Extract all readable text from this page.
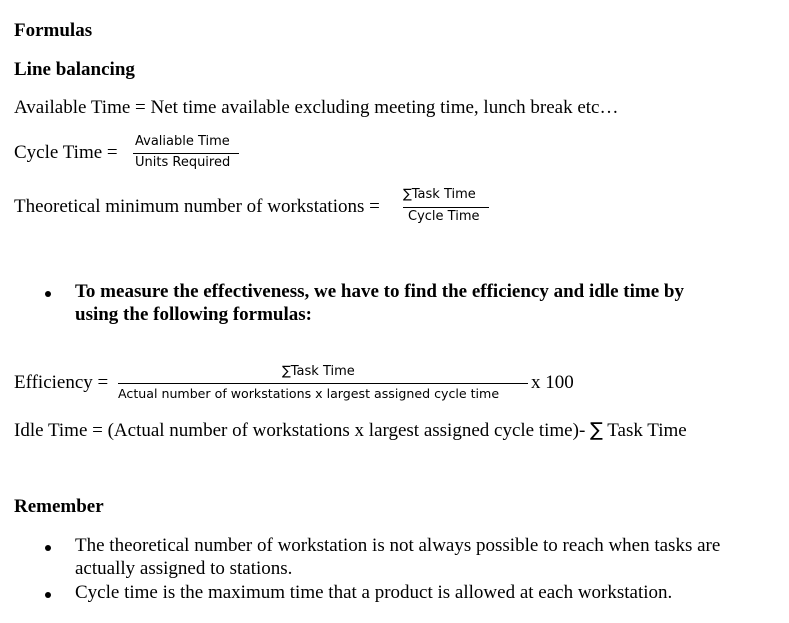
Formulas
Line balancing
Available Time = Net time available excluding meeting time, lunch break etc…
Cycle Time =
Avaliable Time
Units Required
Theoretical minimum number of workstations =
∑Task Time
Cycle Time
To measure the effectiveness, we have to find the efficiency and idle time by
using the following formulas:
Efficiency =
∑Task Time
Actual number of workstations x largest assigned cycle time
x 100
Idle Time = (Actual number of workstations x largest assigned cycle time)- ∑ Task Time
Remember
The theoretical number of workstation is not always possible to reach when tasks are
actually assigned to stations.
Cycle time is the maximum time that a product is allowed at each workstation.
